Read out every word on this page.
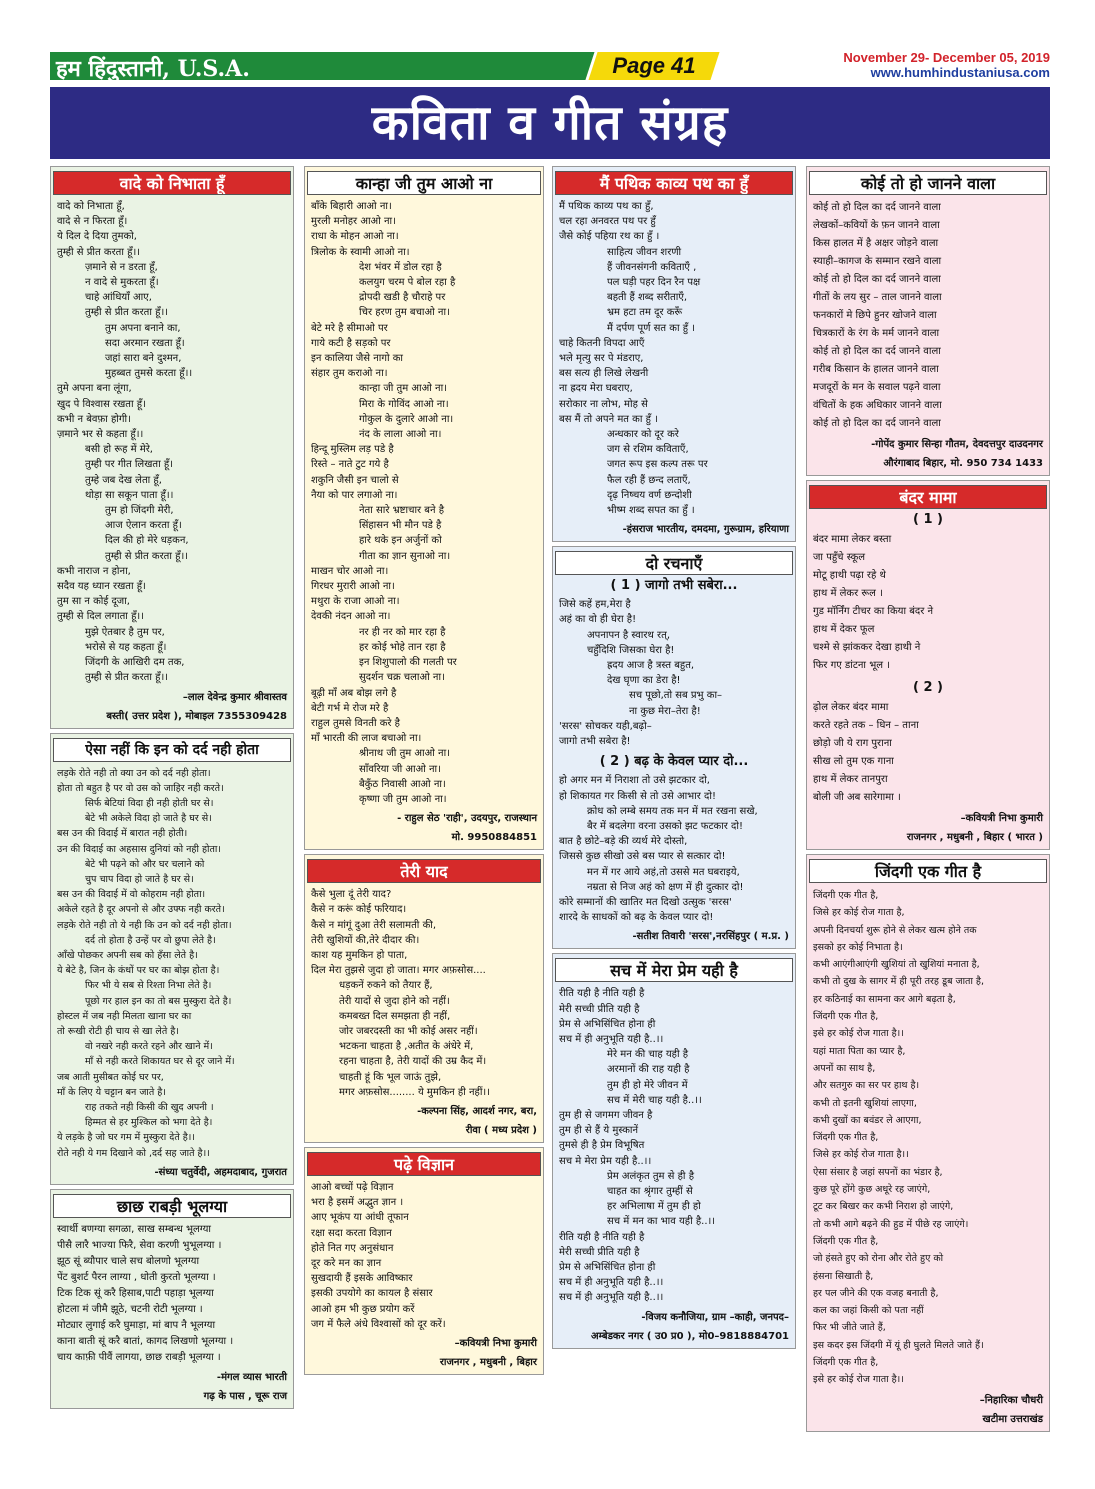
हम हिंदुस्तानी, U.S.A.	Page 41	November 29- December 05, 2019
www.humhindustaniusa.com
कविता व गीत संग्रह
वादे को निभाता हूँ
वादे को निभाता हूँ,
वादे से न फिरता हूँ।
ये दिल दे दिया तुमको,
तुम्ही से प्रीत करता हूँ।।
ज़माने से न डरता हूँ,
न वादे से मुकरता हूँ।
चाहे आंधियाँ आए,
तुम्ही से प्रीत करता हूँ।।
तुम अपना बनाने का,
सदा अरमान रखता हूँ।
जहां सारा बने दुश्मन,
मुहब्बत तुमसे करता हूँ।।
तुमे अपना बना लूंगा,
खुद पे विश्वास रखता हूँ।
कभी न बेवफ़ा होगी।
ज़माने भर से कहता हूँ।।
बसी हो रूह में मेरे,
तुम्ही पर गीत लिखता हूँ।
तुम्हे जब देख लेता हूँ,
थोड़ा सा सकून पाता हूँ।।
तुम हो जिंदगी मेरी,
आज ऐलान करता हूँ।
दिल की हो मेरे धड़कन,
तुम्ही से प्रीत करता हूँ।।
कभी नाराज न होना,
सदैव यह ध्यान रखता हूँ।
तुम सा न कोई दूजा,
तुम्ही से दिल लगाता हूँ।।
मुझे ऐतबार है तुम पर,
भरोसे से यह कहता हूँ।
जिंदगी के आखिरी दम तक,
तुम्ही से प्रीत करता हूँ।।
–लाल देवेन्द्र कुमार श्रीवास्तव
बस्ती( उत्तर प्रदेश ), मोबाइल 7355309428
ऐसा नहीं कि इन को दर्द नही होता
लड़के रोते नही तो क्या उन को दर्द नही होता।
होता तो बहुत है पर वो उस को जाहिर नही करते।
सिर्फ बेटियां विदा ही नही होती घर से।
बेटे भी अकेले विदा हो जाते है घर से।
बस उन की विदाई में बारात नही होती।
उन की विदाई का अहसास दुनियां को नही होता।
बेटे भी पढ़ने को और घर चलाने को
चुप चाप विदा हो जाते है घर से।
बस उन की विदाई में वो कोहराम नही होता।
अकेले रहते है दूर अपनो से और उफ्फ नही करते।
लड़के रोते नही तो ये नही कि उन को दर्द नही होता।
दर्द तो होता है उन्हें पर वो छुपा लेते है।
आँखे पोछकर अपनी सब को हँसा लेते है।
ये बेटे है, जिन के कंधों पर घर का बोझ होता है।
फिर भी ये सब से रिश्ता निभा लेते है।
पूछो गर हाल इन का तो बस मुस्कुरा देते है।
होस्टल में जब नही मिलता खाना घर का
तो रूखी रोटी ही चाय से खा लेते है।
वो नखरे नही करते रहने और खाने में।
माँ से नही करते शिकायत घर से दूर जाने में।
जब आती मुसीबत कोई घर पर,
माँ के लिए ये चट्टान बन जाते है।
राह तकते नही किसी की खुद अपनी ।
हिम्मत से हर मुश्किल को भगा देते है।
ये लड़के है जो घर गम में मुस्कुरा देते है।।
रोते नही ये गम दिखाने को ,दर्द सह जाते है।।
-संध्या चतुर्वेदी, अहमदाबाद, गुजरात
छाछ राबड़ी भूलग्या
स्वार्थी बणग्या सगळा, साख सम्बन्ध भूलग्या
पीसै लारै भाज्या फिरै, सेवा करणी भुभूलग्या ।
झूठ सूं ब्यौपार चाले सच बोलणो भूलग्या
पेंट बुशर्ट पैरन लाग्या , धोती कुरतो भूलग्या ।
टिक टिक सूं करै हिसाब,पाटी पहाड़ा भूलग्या
होटला मं जीमै झूठे, चटनी रोटी भूलग्या ।
मोट्यार लुगाई करै घुमाड़ा, मां बाप नै भूलग्या
काना बाती सूं करै बातां, कागद लिखणो भूलग्या ।
चाय काफ़ी पीवैं लागया, छाछ राबड़ी भूलग्या ।
-मंगल व्यास भारती
गढ़ के पास , चूरू राज
कान्हा जी तुम आओ ना
बाँके बिहारी आओ ना।
मुरली मनोहर आओ ना।
राधा के मोहन आओ ना।
त्रिलोक के स्वामी आओ ना।
देश भंवर में डोल रहा है
कलयुग चरम पे बोल रहा है
द्रोपदी खडी है चौराहे पर
चिर हरण तुम बचाओ ना।
बेटे मरे है सीमाओ पर
गाये कटी है सड़को पर
इन कालिया जैसे नागो का
संहार तुम कराओ ना।
कान्हा जी तुम आओ ना।
मिरा के गोविंद आओ ना।
गोकुल के दुलारे आओ ना।
नंद के लाला आओ ना।
हिन्दू मुस्लिम लड़ पडे है
रिस्ते – नाते टुट गये है
शकुनि जैसी इन चालो से
नैया को पार लगाओ ना।
नेता सारे भ्रष्टाचार बने है
सिंहासन भी मौन पडे है
हारे थके इन अर्जुनों को
गीता का ज्ञान सुनाओ ना।
माखन चोर आओ ना।
गिरधर मुरारी आओ ना।
मथुरा के राजा आओ ना।
देवकी नंदन आओ ना।
नर ही नर को मार रहा है
हर कोई भोहे तान रहा है
इन शिशुपालो की गलती पर
सुदर्शन चक्र चलाओ ना।
बूढ़ी माँ अब बोझ लगे है
बेटी गर्भ मे रोज मरे है
राहुल तुमसे विनती करे है
माँ भारती की लाज बचाओ ना।
श्रीनाथ जी तुम आओ ना।
साँवरिया जी आओ ना।
बैकुँठ निवासी आओ ना।
कृष्णा जी तुम आओ ना।
- राहुल सेठ 'राही', उदयपुर, राजस्थान
मो. 9950884851
तेरी याद
कैसे भुला दूं तेरी याद?
कैसे न करूं कोई फरियाद।
कैसे न मांगूं दुआ तेरी सलामती की,
तेरी खुशियों की,तेरे दीदार की।
काश यह मुमकिन हो पाता,
दिल मेरा तुझसे जुदा हो जाता। मगर अफ़सोस....
धड़कनें रुकने को तैयार हैं,
तेरी यादों से जुदा होने को नहीं।
कमबख्त दिल समझता ही नहीं,
जोर जबरदस्ती का भी कोई असर नहीं।
भटकना चाहता है ,अतीत के अंधेरे में,
रहना चाहता है, तेरी यादों की उम्र कैद में।
चाहती हूं कि भूल जाऊं तुझे,
मगर अफ़सोस........ ये मुमकिन ही नहीं।।
-कल्पना सिंह, आदर्श नगर, बरा,
रीवा ( मध्य प्रदेश )
पढ़े विज्ञान
आओ बच्चों पढ़े विज्ञान
भरा है इसमें अद्भुत ज्ञान ।
आए भूकंप या आंधी तूफान
रक्षा सदा करता विज्ञान
होते नित गए अनुसंधान
दूर करे मन का ज्ञान
सुखदायी हैं इसके आविष्कार
इसकी उपयोगे का कायल है संसार
आओ हम भी कुछ प्रयोग करें
जग में फैले अंधे विश्वासों को दूर करें।
–कवियत्री निभा कुमारी
राजनगर , मधुबनी , बिहार
मैं पथिक काव्य पथ का हुँ
मैं पथिक काव्य पथ का हुँ,
चल रहा अनवरत पथ पर हुँ
जैसे कोई पहिया रथ का हुँ ।
साहित्य जीवन शरणी
हैं जीवनसंगनी कविताएँ ,
पल घड़ी पहर दिन रैन पक्ष
बहती हैं शब्द सरीताएँ,
भ्रम हटा तम दूर करूँ
मैं दर्पण पूर्ण सत का हुँ ।
चाहे कितनी विपदा आएँ
भले मृत्यु सर पे मंडराए,
बस सत्य ही लिखे लेखनी
ना ह्रदय मेरा घबराए,
सरोकार ना लोभ, मोह से
बस मैं तो अपने मत का हुँ ।
अन्धकार को दूर करे
जग से रशिम कविताएँ,
जगत रूप इस कल्प तरू पर
फैल रही हैं छन्द लताएँ,
दृढ़ निष्चय वर्ण छन्दोशी
भीष्म शब्द सपत का हुँ ।
-हंसराज भारतीय, दमदमा, गुरूग्राम, हरियाणा
दो रचनाएँ
( 1 ) जागो तभी सबेरा...
जिसे कहें हम,मेरा है
अहं का वो ही घेरा है!
अपनापन है स्वारथ रत्,
चहुँदिशि जिसका घेरा है!
ह्रदय आज है त्रस्त बहुत,
देख घृणा का डेरा है!
सच पूछो,तो सब प्रभु का–
ना कुछ मेरा–तेरा है!
'सरस' सोचकर यही,बढ़ो–
जागो तभी सबेरा है!
( 2 ) बढ़ के केवल प्यार दो...
हो अगर मन में निराशा तो उसे झटकार दो,
हो शिकायत गर किसी से तो उसे आभार दो!
क्रोध को लम्बे समय तक मन में मत रखना सखे,
बैर में बदलेगा वरना उसको झट फटकार दो!
बात है छोटे–बड़े की व्यर्थ मेरे दोस्तो,
जिससे कुछ सीखो उसे बस प्यार से सत्कार दो!
मन में गर आये अहं,तो उससे मत घबराइये,
नम्रता से निज अहं को क्षण में ही दुत्कार दो!
कोरे सम्मानों की खातिर मत दिखो उत्सुक 'सरस'
शारदे के साधकों को बढ़ के केवल प्यार दो!
-सतीश तिवारी 'सरस',नरसिंहपुर ( म.प्र. )
सच में मेरा प्रेम यही है
रीति यही है नीति यही है
मेरी सच्ची प्रीति यही है
प्रेम से अभिसिंचित होना ही
सच में ही अनुभूति यही है..।।
मेरे मन की चाह यही है
अरमानों की राह यही है
तुम ही हो मेरे जीवन में
सच में मेरी चाह यही है..।।
तुम ही से जगमग जीवन है
तुम ही से हैं ये मुस्कानें
तुमसे ही है प्रेम विभूषित
सच मे मेरा प्रेम यही है..।।
प्रेम अलंकृत तुम से ही है
चाहत का श्रृंगार तुम्हीं से
हर अभिलाषा में तुम ही हो
सच में मन का भाव यही है..।।
रीति यही है नीति यही है
मेरी सच्ची प्रीति यही है
प्रेम से अभिसिंचित होना ही
सच में ही अनुभूति यही है..।।
सच में ही अनुभूति यही है..।।
-विजय कनौजिया, ग्राम –काही, जनपद–
अम्बेडकर नगर ( उ0 प्र0 ), मो0–9818884701
कोई तो हो जानने वाला
कोई तो हो दिल का दर्द जानने वाला
लेखकों–कवियों के फ़न जानने वाला
किस हालत में है अक्षर जोड़ने वाला
स्याही–कागज के सम्मान रखने वाला
कोई तो हो दिल का दर्द जानने वाला
गीतों के लय सुर – ताल जानने वाला
फनकारों मे छिपे हुनर खोजने वाला
चित्रकारों के रंग के मर्म जानने वाला
कोई तो हो दिल का दर्द जानने वाला
गरीब किसान के हालत जानने वाला
मजदूरों के मन के सवाल पढ़ने वाला
वंचितों के हक अधिकार जानने वाला
कोई तो हो दिल का दर्द जानने वाला
-गोपेंद कुमार सिन्हा गौतम, देवदत्तपुर दाउदनगर
औरंगाबाद बिहार, मो. 950 734 1433
बंदर मामा
( 1 )
बंदर मामा लेकर बस्ता
जा पहुँचे स्कूल
मोटू हाथी पढ़ा रहे थे
हाथ में लेकर रूल ।
गुड मॉर्निंग टीचर का किया बंदर ने
हाथ में देकर फूल
चश्मे से झांककर देखा हाथी ने
फिर गए डांटना भूल ।
( 2 )
ढ़ोल लेकर बंदर मामा
करते रहते तक – धिन – ताना
छोड़ो जी ये राग पुराना
सीख लो तुम एक गाना
हाथ में लेकर तानपुरा
बोली जी अब सारेगामा ।
–कवियत्री निभा कुमारी
राजनगर , मधुबनी , बिहार ( भारत )
जिंदगी एक गीत है
जिंदगी एक गीत है,
जिसे हर कोई रोज गाता है,
अपनी दिनचर्या शुरू होने से लेकर खत्म होने तक
इसको हर कोई निभाता है।
कभी आएंगीआएंगी खुशियां तो खुशियां मनाता है,
कभी तो दुख के सागर में ही पूरी तरह डूब जाता है,
हर कठिनाई का सामना कर आगे बढ़ता है,
जिंदगी एक गीत है,
इसे हर कोई रोज गाता है।।
यहां माता पिता का प्यार है,
अपनों का साथ है,
और सतगुरु का सर पर हाथ है।
कभी तो इतनी खुशियां लाएगा,
कभी दुखों का बवंडर ले आएगा,
जिंदगी एक गीत है,
जिसे हर कोई रोज गाता है।।
ऐसा संसार है जहां सपनों का भंडार है,
कुछ पूरे होंगे कुछ अधूरे रह जाएंगे,
टूट कर बिखर कर कभी निराश हो जाएंगे,
तो कभी आगे बढ़ने की हुड में पीछे रह जाएंगे।
जिंदगी एक गीत है,
जो हंसते हुए को रोना और रोते हुए को
हंसना सिखाती है,
हर पल जीने की एक वजह बनाती है,
कल का जहां किसी को पता नहीं
फिर भी जीते जाते हैं,
इस कदर इस जिंदगी में यूं ही घुलते मिलते जाते हैं।
जिंदगी एक गीत है,
इसे हर कोई रोज गाता है।।
–निहारिका चौधरी
खटीमा उत्तराखंड
